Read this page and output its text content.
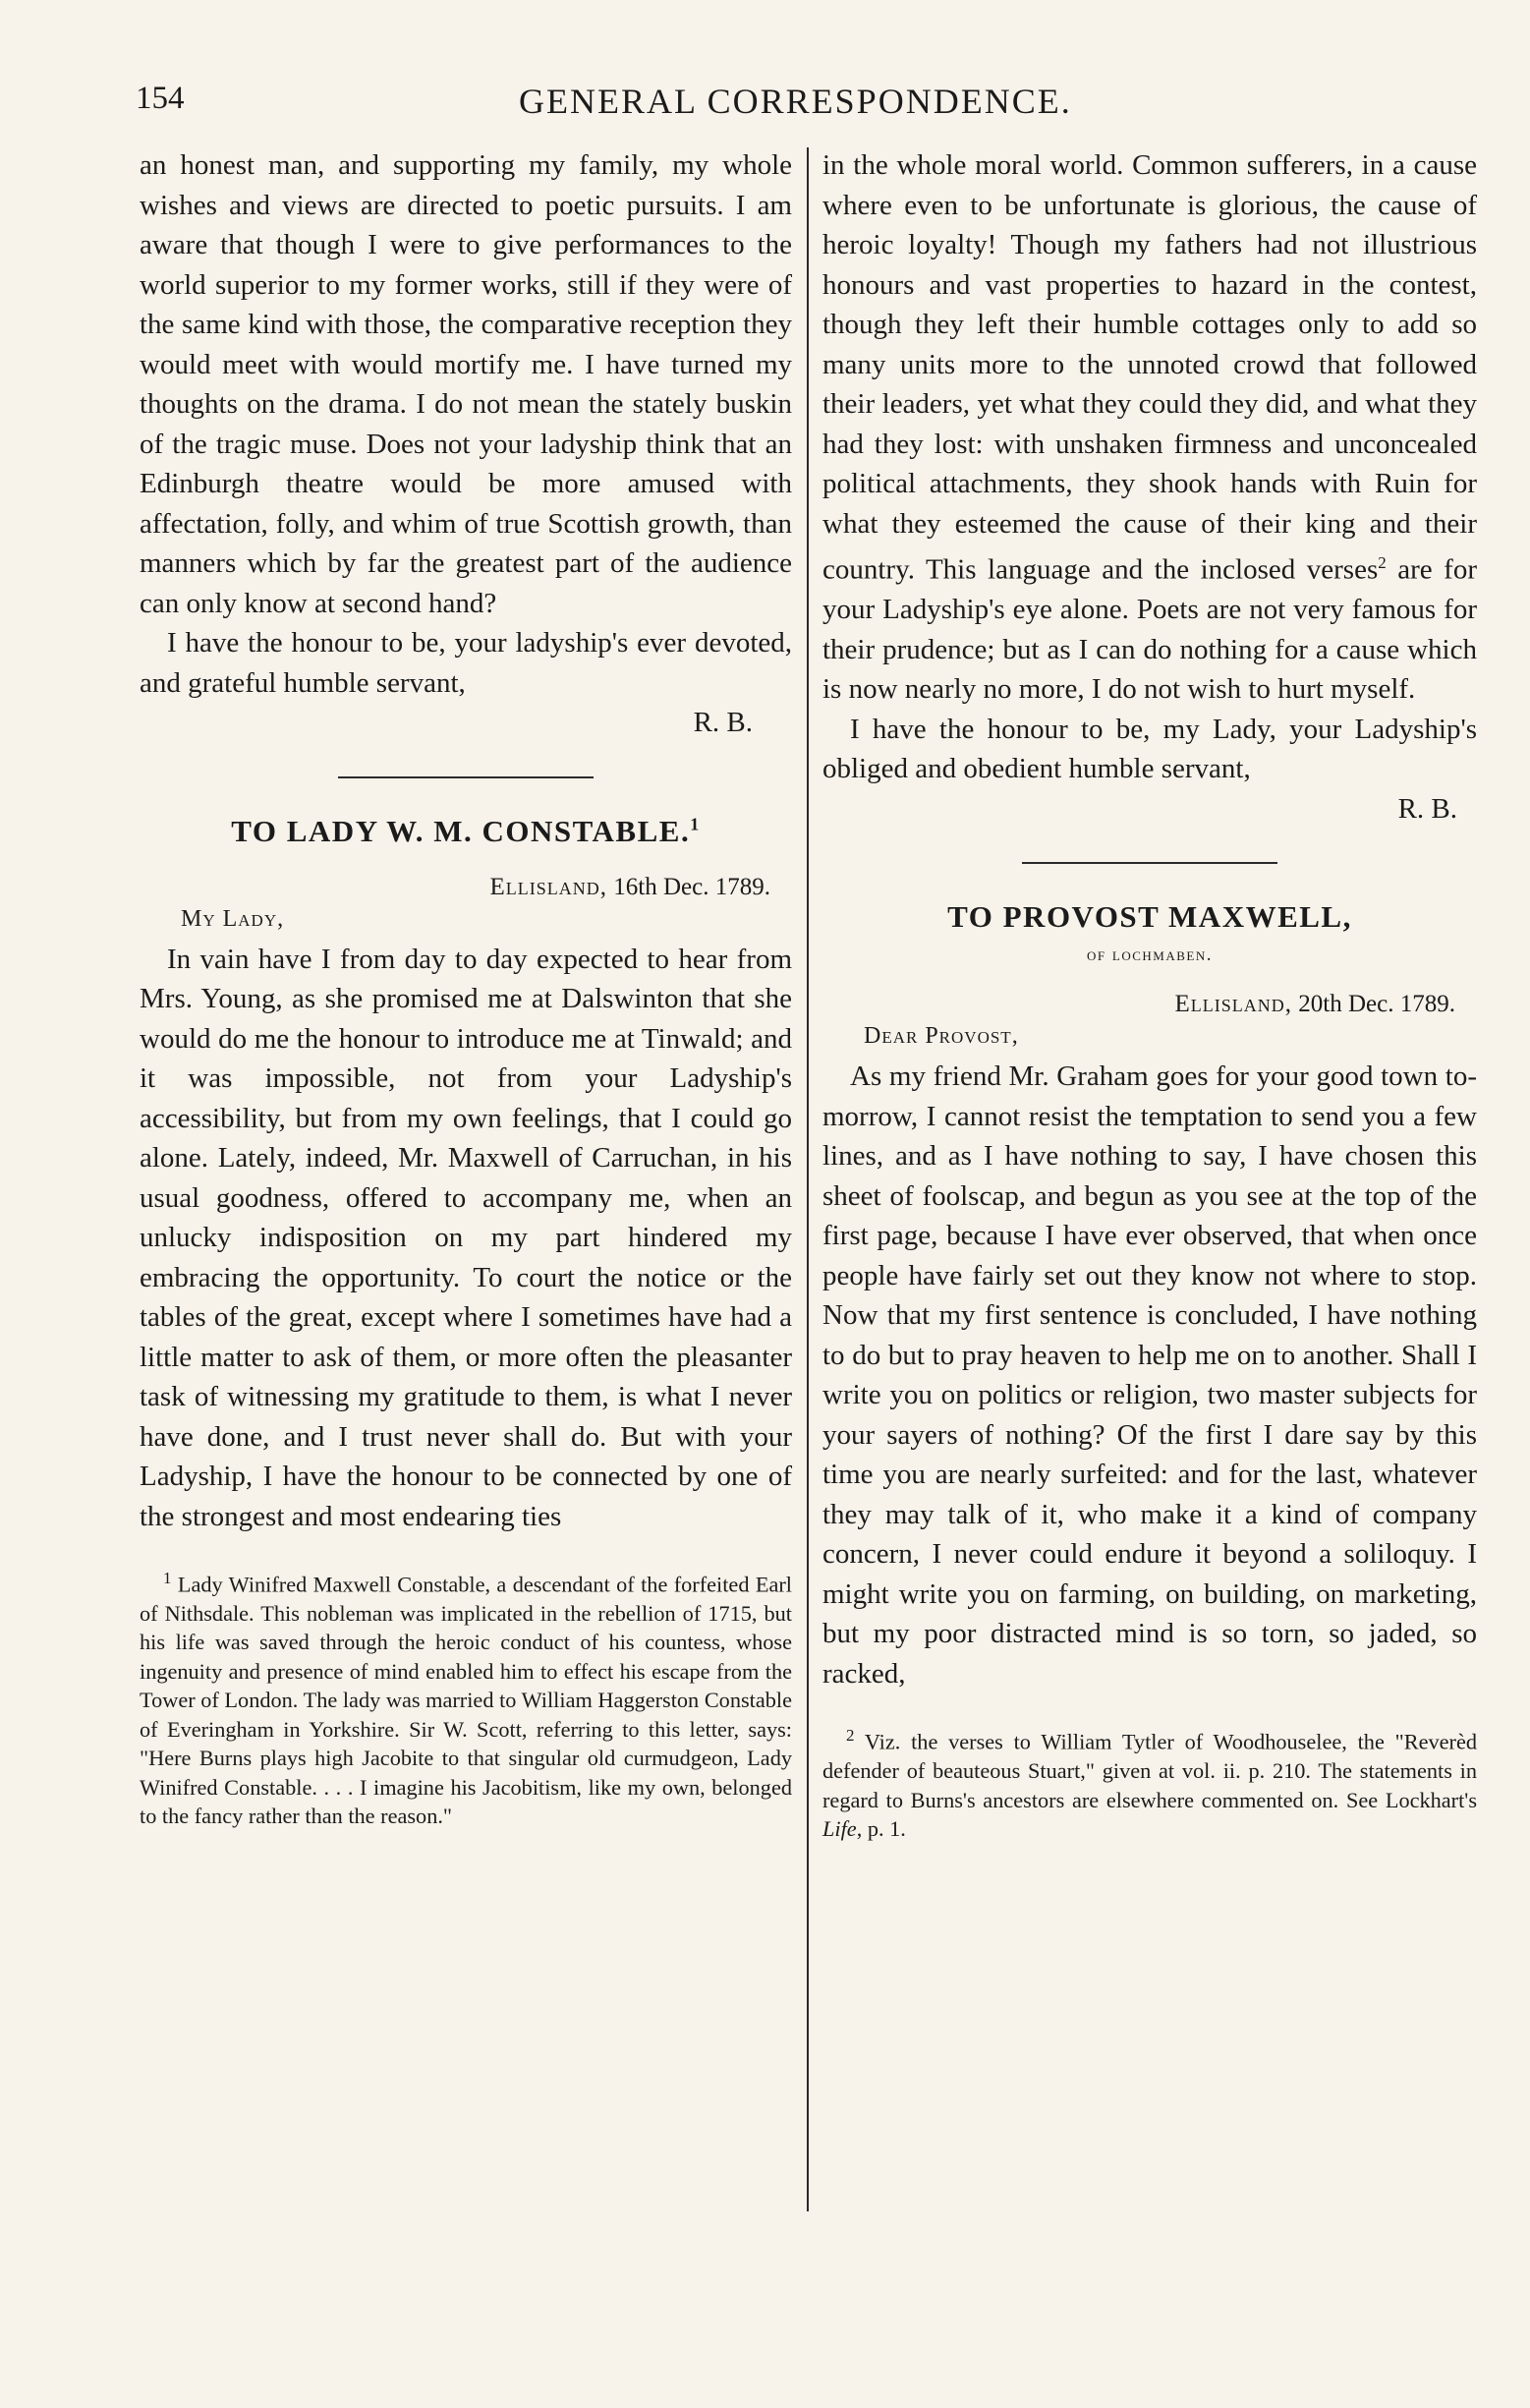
154	GENERAL CORRESPONDENCE.

an honest man, and supporting my family, my whole wishes and views are directed to poetic pursuits. I am aware that though I were to give performances to the world superior to my former works, still if they were of the same kind with those, the comparative reception they would meet with would mortify me. I have turned my thoughts on the drama. I do not mean the stately buskin of the tragic muse. Does not your ladyship think that an Edinburgh theatre would be more amused with affectation, folly, and whim of true Scottish growth, than manners which by far the greatest part of the audience can only know at second hand?

I have the honour to be, your ladyship's ever devoted, and grateful humble servant,

R. B.
TO LADY W. M. CONSTABLE.$^1$
Ellisland, 16th Dec. 1789.
My Lady,

In vain have I from day to day expected to hear from Mrs. Young, as she promised me at Dalswinton that she would do me the honour to introduce me at Tinwald; and it was impossible, not from your Ladyship's accessibility, but from my own feelings, that I could go alone. Lately, indeed, Mr. Maxwell of Carruchan, in his usual goodness, offered to accompany me, when an unlucky indisposition on my part hindered my embracing the opportunity. To court the notice or the tables of the great, except where I sometimes have had a little matter to ask of them, or more often the pleasanter task of witnessing my gratitude to them, is what I never have done, and I trust never shall do. But with your Ladyship, I have the honour to be connected by one of the strongest and most endearing ties

$^1$ Lady Winifred Maxwell Constable, a descendant of the forfeited Earl of Nithsdale. This nobleman was implicated in the rebellion of 1715, but his life was saved through the heroic conduct of his countess, whose ingenuity and presence of mind enabled him to effect his escape from the Tower of London. The lady was married to William Haggerston Constable of Everingham in Yorkshire. Sir W. Scott, referring to this letter, says: "Here Burns plays high Jacobite to that singular old curmudgeon, Lady Winifred Constable. . . . I imagine his Jacobitism, like my own, belonged to the fancy rather than the reason."

in the whole moral world. Common sufferers, in a cause where even to be unfortunate is glorious, the cause of heroic loyalty! Though my fathers had not illustrious honours and vast properties to hazard in the contest, though they left their humble cottages only to add so many units more to the unnoted crowd that followed their leaders, yet what they could they did, and what they had they lost: with unshaken firmness and unconcealed political attachments, they shook hands with Ruin for what they esteemed the cause of their king and their country. This language and the inclosed verses$^2$ are for your Ladyship's eye alone. Poets are not very famous for their prudence; but as I can do nothing for a cause which is now nearly no more, I do not wish to hurt myself.

I have the honour to be, my Lady, your Ladyship's obliged and obedient humble servant,

R. B.
TO PROVOST MAXWELL,
of lochmaben.
Ellisland, 20th Dec. 1789.
Dear Provost,

As my friend Mr. Graham goes for your good town to-morrow, I cannot resist the temptation to send you a few lines, and as I have nothing to say, I have chosen this sheet of foolscap, and begun as you see at the top of the first page, because I have ever observed, that when once people have fairly set out they know not where to stop. Now that my first sentence is concluded, I have nothing to do but to pray heaven to help me on to another. Shall I write you on politics or religion, two master subjects for your sayers of nothing? Of the first I dare say by this time you are nearly surfeited: and for the last, whatever they may talk of it, who make it a kind of company concern, I never could endure it beyond a soliloquy. I might write you on farming, on building, on marketing, but my poor distracted mind is so torn, so jaded, so racked,

$^2$ Viz. the verses to William Tytler of Woodhouselee, the "Reverèd defender of beauteous Stuart," given at vol. ii. p. 210. The statements in regard to Burns's ancestors are elsewhere commented on. See Lockhart's Life, p. 1.
